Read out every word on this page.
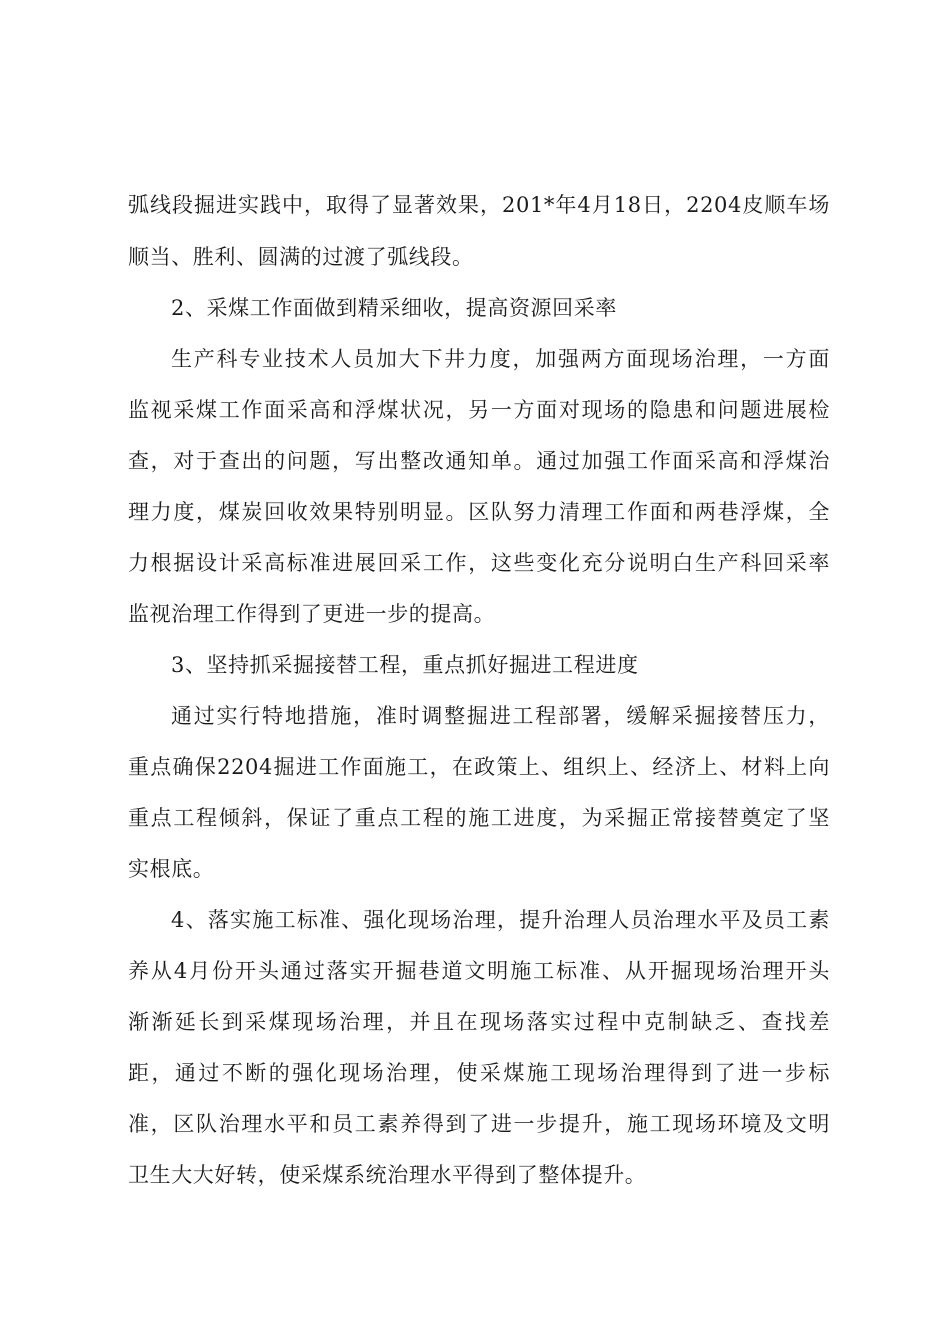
弧线段掘进实践中，取得了显著效果，201*年4月18日，2204皮顺车场
顺当、胜利、圆满的过渡了弧线段。
2、采煤工作面做到精采细收，提高资源回采率
生产科专业技术人员加大下井力度，加强两方面现场治理，一方面
监视采煤工作面采高和浮煤状况，另一方面对现场的隐患和问题进展检
查，对于查出的问题，写出整改通知单。通过加强工作面采高和浮煤治
理力度，煤炭回收效果特别明显。区队努力清理工作面和两巷浮煤，全
力根据设计采高标准进展回采工作，这些变化充分说明白生产科回采率
监视治理工作得到了更进一步的提高。
3、坚持抓采掘接替工程，重点抓好掘进工程进度
通过实行特地措施，准时调整掘进工程部署，缓解采掘接替压力，
重点确保2204掘进工作面施工，在政策上、组织上、经济上、材料上向
重点工程倾斜，保证了重点工程的施工进度，为采掘正常接替奠定了坚
实根底。
4、落实施工标准、强化现场治理，提升治理人员治理水平及员工素
养从4月份开头通过落实开掘巷道文明施工标准、从开掘现场治理开头
渐渐延长到采煤现场治理，并且在现场落实过程中克制缺乏、查找差
距，通过不断的强化现场治理，使采煤施工现场治理得到了进一步标
准，区队治理水平和员工素养得到了进一步提升，施工现场环境及文明
卫生大大好转，使采煤系统治理水平得到了整体提升。
